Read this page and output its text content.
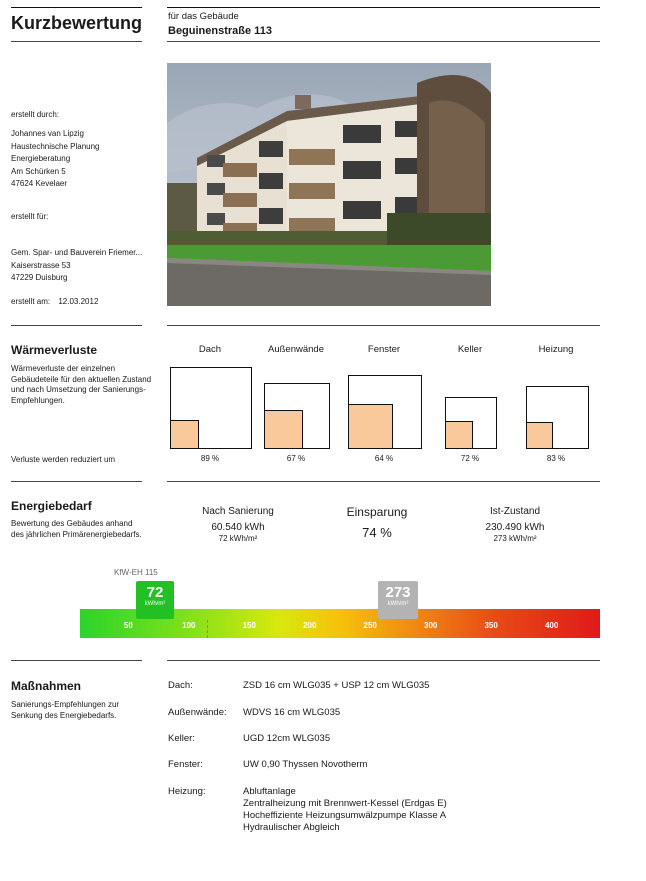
Kurzbewertung	für das Gebäude
Beguinenstraße 113
erstellt durch:
Johannes van Lipzig
Haustechnische Planung
Energieberatung
Am Schürken 5
47624 Kevelaer
erstellt für:
Gem. Spar- und Bauverein Friemer...
Kaiserstrasse 53
47229 Duisburg
erstellt am: 12.03.2012
Wärmeverluste
Wärmeverluste der einzelnen Gebäudeteile für den aktuellen Zustand und nach Umsetzung der Sanierungs-Empfehlungen.
Verluste werden reduziert um
Dach
89 %
Außenwände
67 %
Fenster
64 %
Keller
72 %
Heizung
83 %
Energiebedarf
Bewertung des Gebäudes anhand des jährlichen Primärenergiebedarfs.
Nach Sanierung
60.540 kWh
72 kWh/m²
Einsparung
74 %
Ist-Zustand
230.490 kWh
273 kWh/m²
KfW-EH 115
50	100	150	200	250	300	350	400
72
kWh/m²
273
kWh/m²
Maßnahmen
Sanierungs-Empfehlungen zur Senkung des Energiebedarfs.
Dach:	ZSD 16 cm WLG035 + USP 12 cm WLG035
Außenwände: WDVS 16 cm WLG035
Keller:	UGD 12cm WLG035
Fenster:	UW 0,90 Thyssen Novotherm
Heizung:	Abluftanlage
Zentralheizung mit Brennwert-Kessel (Erdgas E)
Hocheffiziente Heizungsumwälzpumpe Klasse A
Hydraulischer Abgleich
